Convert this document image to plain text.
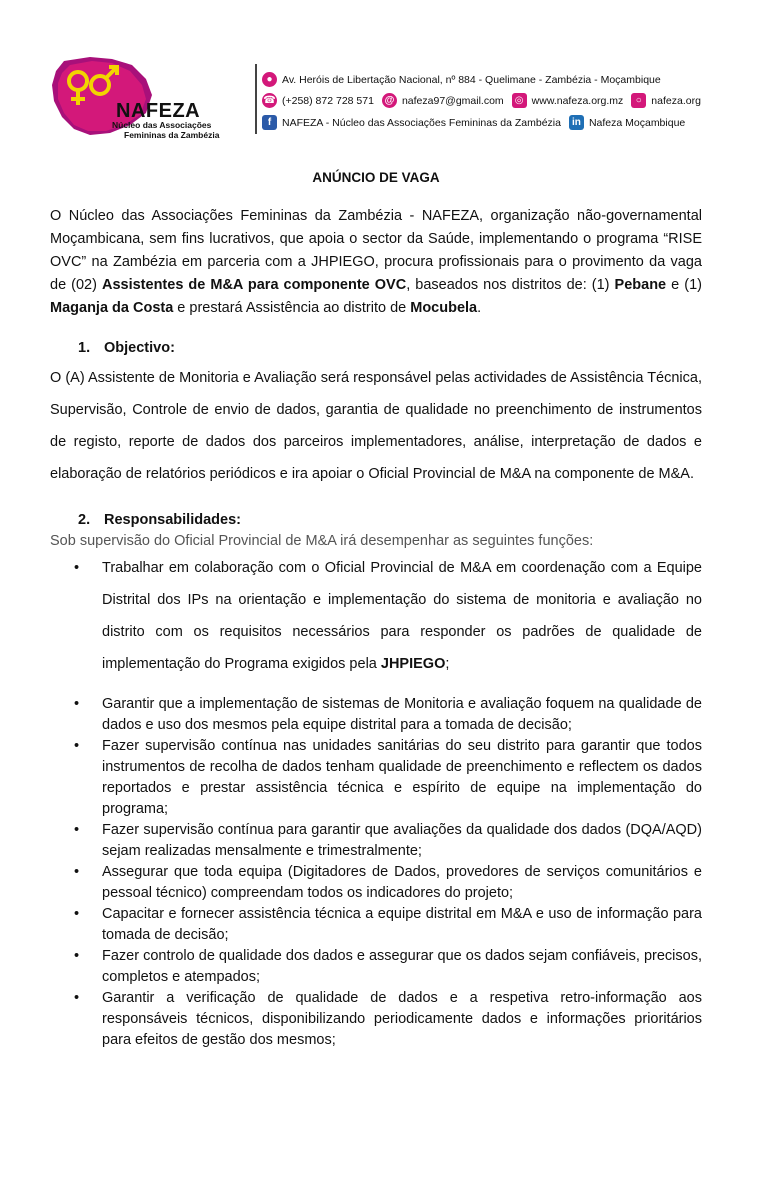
NAFEZA
Núcleo das Associações
Femininas da Zambézia
● Av. Heróis de Libertação Nacional, nº 884 - Quelimane - Zambézia - Moçambique
☎ (+258) 872 728 571 @ nafeza97@gmail.com	◎ www.nafeza.org.mz	○ nafeza.org
f	NAFEZA - Núcleo das Associações Femininas da Zambézia	in Nafeza Moçambique

ANÚNCIO DE VAGA

O Núcleo das Associações Femininas da Zambézia - NAFEZA, organização não-governamental Moçambicana, sem fins lucrativos, que apoia o sector da Saúde, implementando o programa “RISE OVC” na Zambézia em parceria com a JHPIEGO, procura profissionais para o provimento da vaga de (02) Assistentes de M&A para componente OVC, baseados nos distritos de: (1) Pebane e (1) Maganja da Costa e prestará Assistência ao distrito de Mocubela.

1. Objectivo:

O (A) Assistente de Monitoria e Avaliação será responsável pelas actividades de Assistência Técnica, Supervisão, Controle de envio de dados, garantia de qualidade no preenchimento de instrumentos de registo, reporte de dados dos parceiros implementadores, análise, interpretação de dados e elaboração de relatórios periódicos e ira apoiar o Oficial Provincial de M&A na componente de M&A.

2. Responsabilidades:

Sob supervisão do Oficial Provincial de M&A irá desempenhar as seguintes funções:

• Trabalhar em colaboração com o Oficial Provincial de M&A em coordenação com a Equipe Distrital dos IPs na orientação e implementação do sistema de monitoria e avaliação no distrito com os requisitos necessários para responder os padrões de qualidade de implementação do Programa exigidos pela JHPIEGO;
• Garantir que a implementação de sistemas de Monitoria e avaliação foquem na qualidade de dados e uso dos mesmos pela equipe distrital para a tomada de decisão;
• Fazer supervisão contínua nas unidades sanitárias do seu distrito para garantir que todos instrumentos de recolha de dados tenham qualidade de preenchimento e reflectem os dados reportados e prestar assistência técnica e espírito de equipe na implementação do programa;
• Fazer supervisão contínua para garantir que avaliações da qualidade dos dados (DQA/AQD) sejam realizadas mensalmente e trimestralmente;
• Assegurar que toda equipa (Digitadores de Dados, provedores de serviços comunitários e pessoal técnico) compreendam todos os indicadores do projeto;
• Capacitar e fornecer assistência técnica a equipe distrital em M&A e uso de informação para tomada de decisão;
• Fazer controlo de qualidade dos dados e assegurar que os dados sejam confiáveis, precisos, completos e atempados;
• Garantir a verificação de qualidade de dados e a respetiva retro-informação aos responsáveis técnicos, disponibilizando periodicamente dados e informações prioritários para efeitos de gestão dos mesmos;
